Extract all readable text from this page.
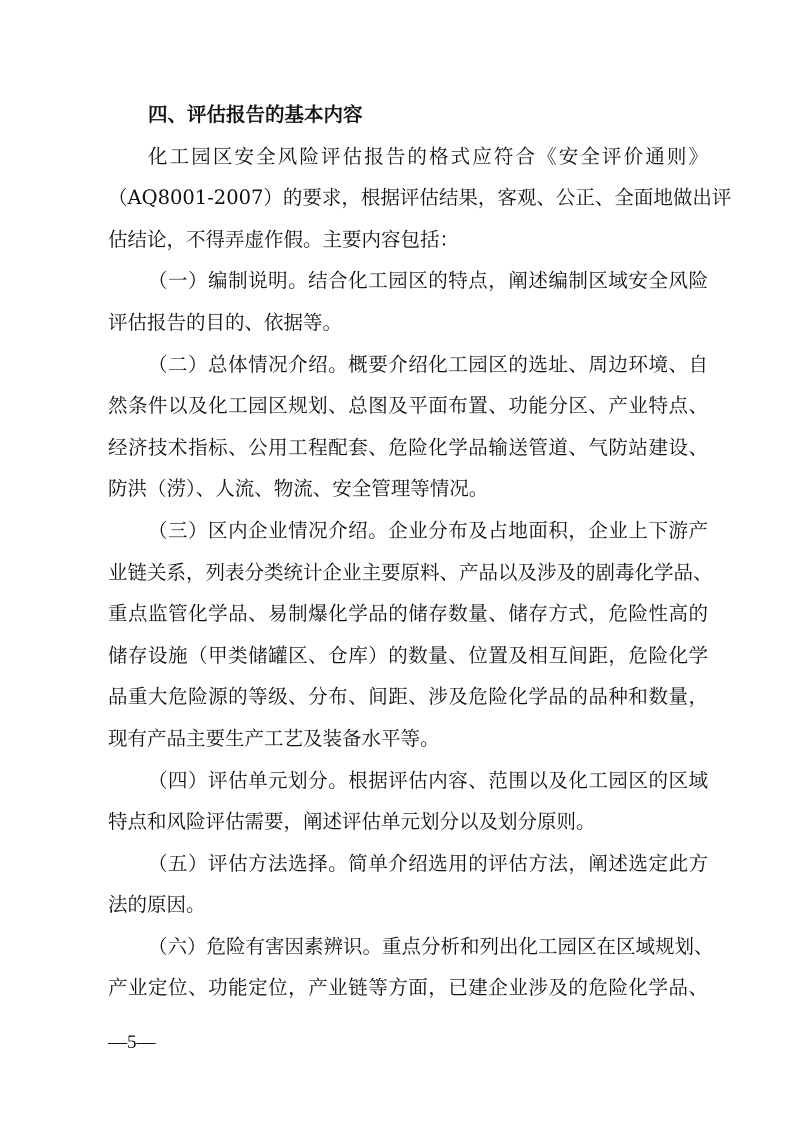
四、评估报告的基本内容
化工园区安全风险评估报告的格式应符合《安全评价通则》
（AQ8001-2007）的要求，根据评估结果，客观、公正、全面地做出评
估结论，不得弄虚作假。主要内容包括：
（一）编制说明。结合化工园区的特点，阐述编制区域安全风险
评估报告的目的、依据等。
（二）总体情况介绍。概要介绍化工园区的选址、周边环境、自
然条件以及化工园区规划、总图及平面布置、功能分区、产业特点、
经济技术指标、公用工程配套、危险化学品输送管道、气防站建设、
防洪（涝）、人流、物流、安全管理等情况。
（三）区内企业情况介绍。企业分布及占地面积，企业上下游产
业链关系，列表分类统计企业主要原料、产品以及涉及的剧毒化学品、
重点监管化学品、易制爆化学品的储存数量、储存方式，危险性高的
储存设施（甲类储罐区、仓库）的数量、位置及相互间距，危险化学
品重大危险源的等级、分布、间距、涉及危险化学品的品种和数量，
现有产品主要生产工艺及装备水平等。
（四）评估单元划分。根据评估内容、范围以及化工园区的区域
特点和风险评估需要，阐述评估单元划分以及划分原则。
（五）评估方法选择。简单介绍选用的评估方法，阐述选定此方
法的原因。
（六）危险有害因素辨识。重点分析和列出化工园区在区域规划、
产业定位、功能定位，产业链等方面，已建企业涉及的危险化学品、
—5—
